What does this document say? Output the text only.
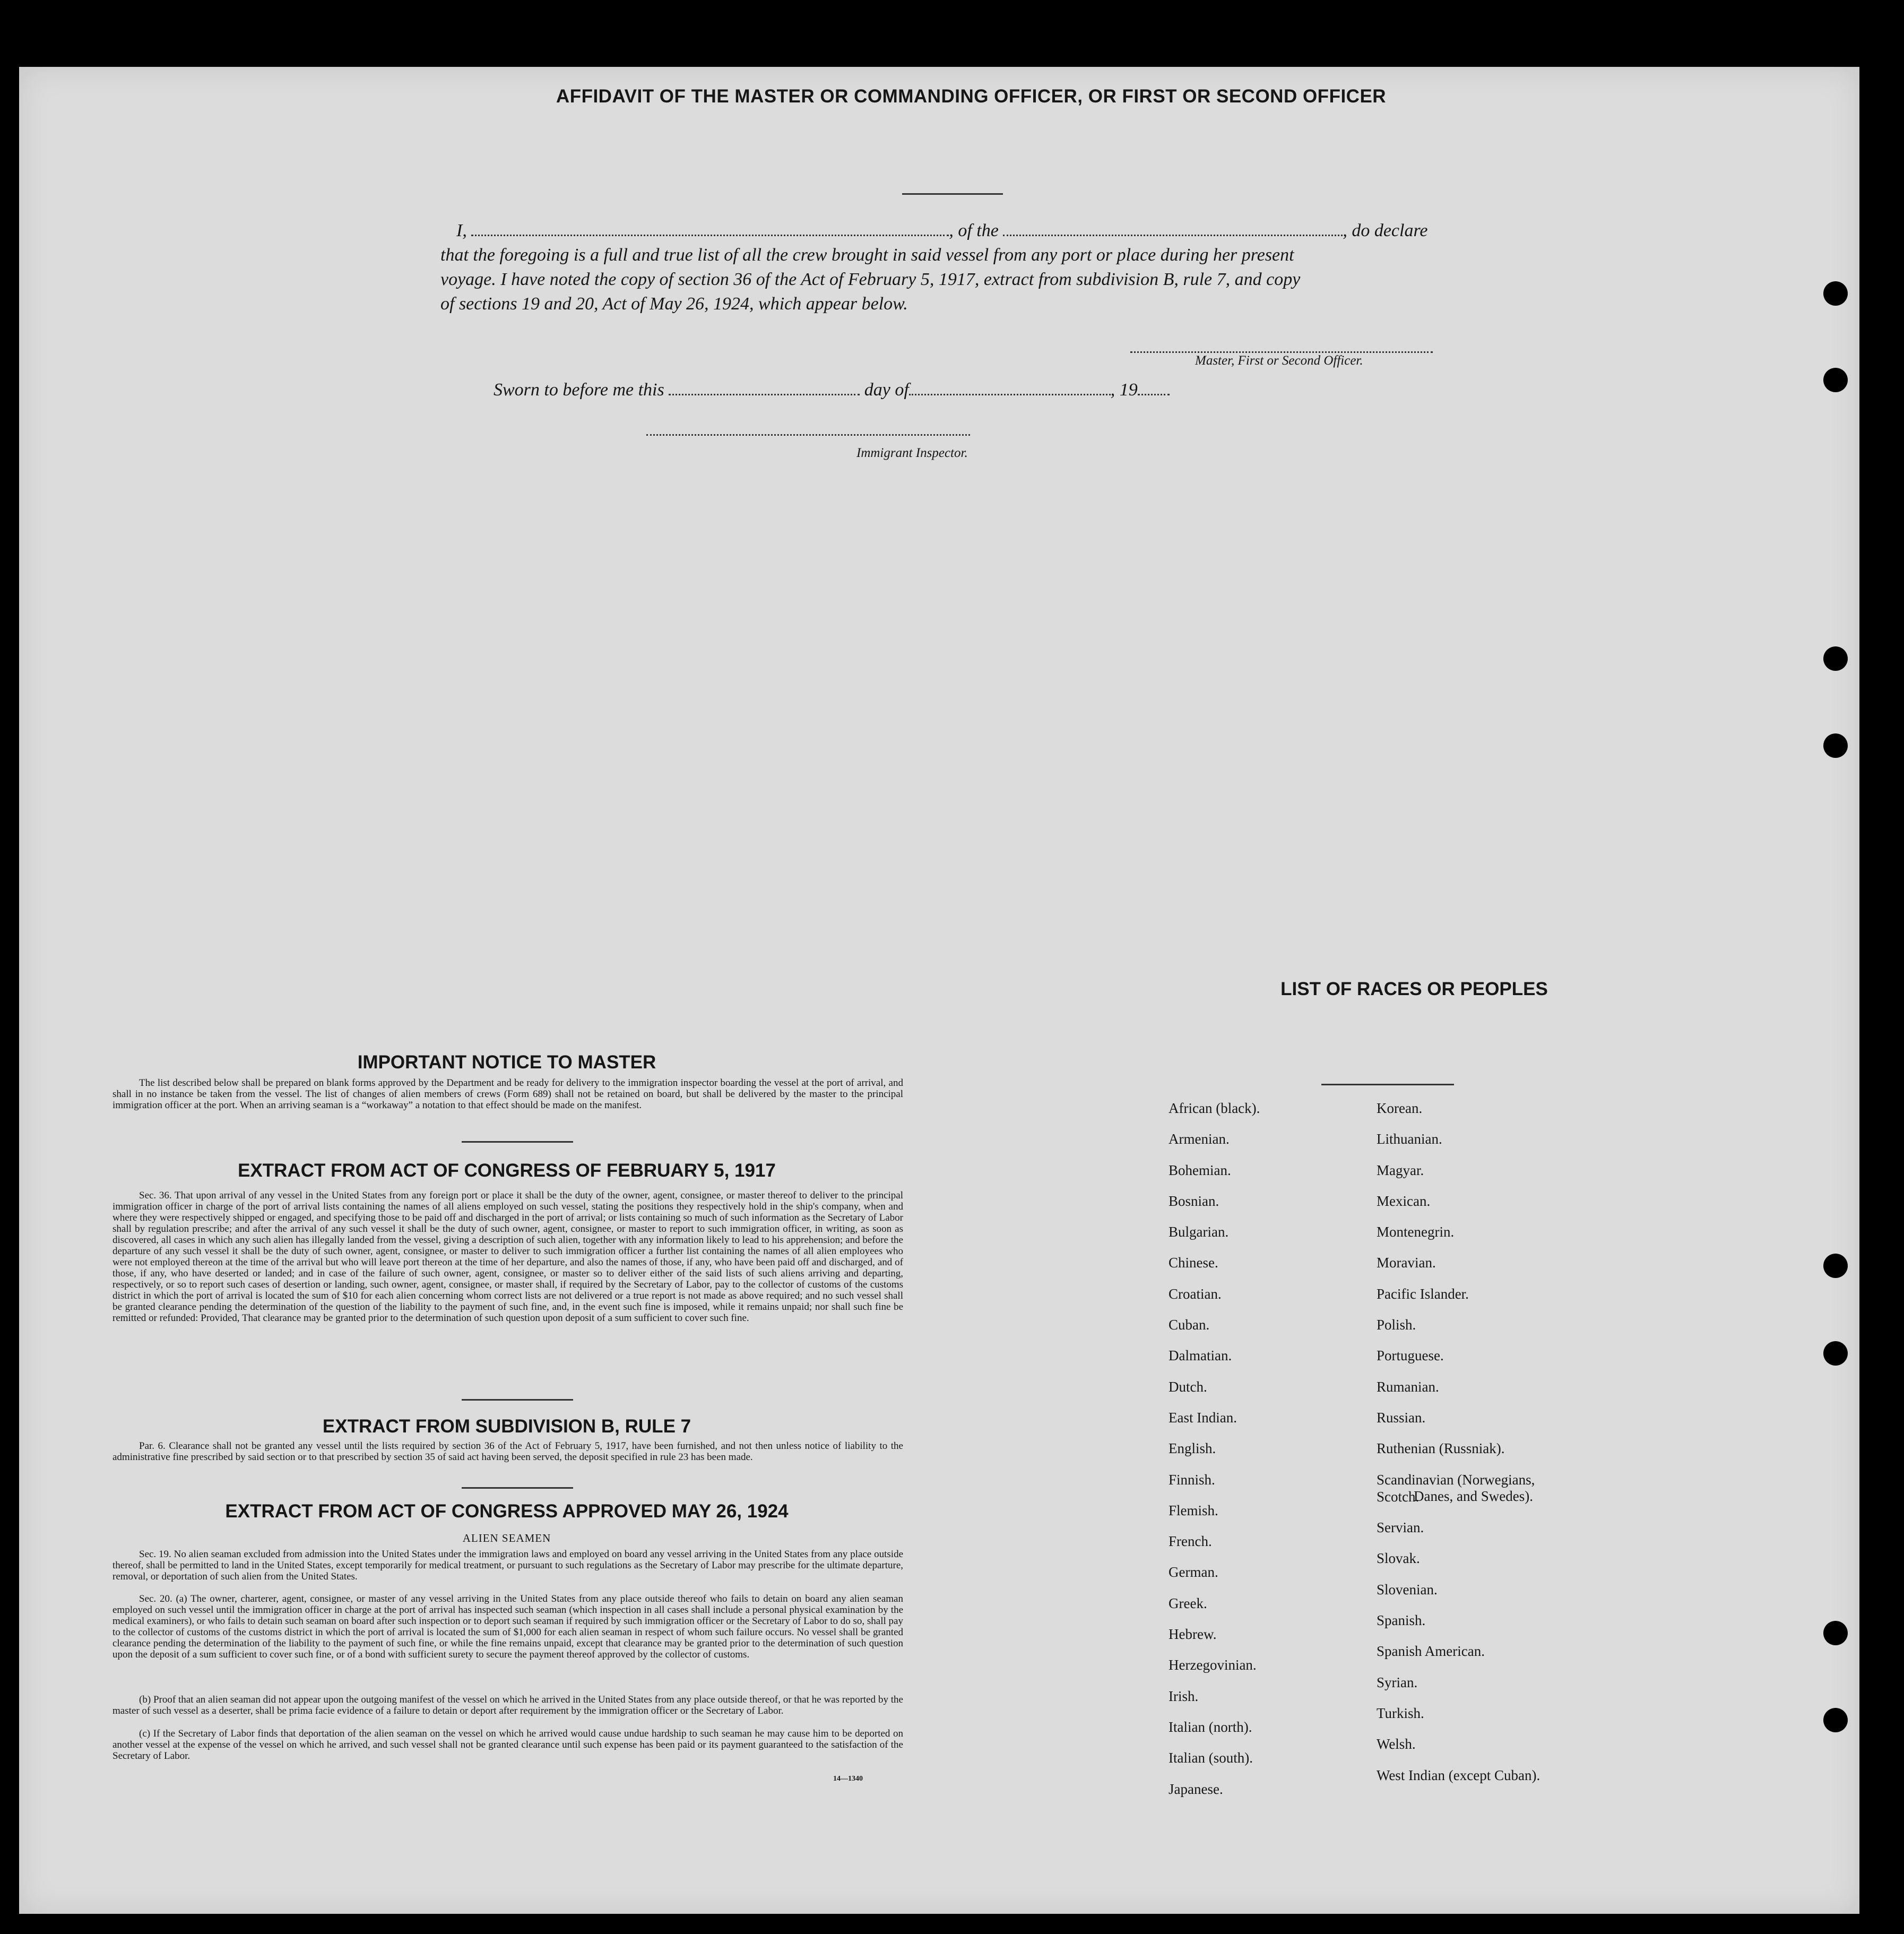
AFFIDAVIT OF THE MASTER OR COMMANDING OFFICER, OR FIRST OR SECOND OFFICER
I,	, of the	, do declare
that the foregoing is a full and true list of all the crew brought in said vessel from any port or place during her present
voyage. I have noted the copy of section 36 of the Act of February 5, 1917, extract from subdivision B, rule 7, and copy
of sections 19 and 20, Act of May 26, 1924, which appear below.
Master, First or Second Officer.
Sworn to before me this	day of	, 19
Immigrant Inspector.
IMPORTANT NOTICE TO MASTER
The list described below shall be prepared on blank forms approved by the Department and be ready for delivery to the immigration inspector boarding the vessel at the port of arrival, and shall in no instance be taken from the vessel. The list of changes of alien members of crews (Form 689) shall not be retained on board, but shall be delivered by the master to the principal immigration officer at the port. When an arriving seaman is a “workaway” a notation to that effect should be made on the manifest.
EXTRACT FROM ACT OF CONGRESS OF FEBRUARY 5, 1917
Sec. 36. That upon arrival of any vessel in the United States from any foreign port or place it shall be the duty of the owner, agent, consignee, or master thereof to deliver to the principal immigration officer in charge of the port of arrival lists containing the names of all aliens employed on such vessel, stating the positions they respectively hold in the ship's company, when and where they were respectively shipped or engaged, and specifying those to be paid off and discharged in the port of arrival; or lists containing so much of such information as the Secretary of Labor shall by regulation prescribe; and after the arrival of any such vessel it shall be the duty of such owner, agent, consignee, or master to report to such immigration officer, in writing, as soon as discovered, all cases in which any such alien has illegally landed from the vessel, giving a description of such alien, together with any information likely to lead to his apprehension; and before the departure of any such vessel it shall be the duty of such owner, agent, consignee, or master to deliver to such immigration officer a further list containing the names of all alien employees who were not employed thereon at the time of the arrival but who will leave port thereon at the time of her departure, and also the names of those, if any, who have been paid off and discharged, and of those, if any, who have deserted or landed; and in case of the failure of such owner, agent, consignee, or master so to deliver either of the said lists of such aliens arriving and departing, respectively, or so to report such cases of desertion or landing, such owner, agent, consignee, or master shall, if required by the Secretary of Labor, pay to the collector of customs of the customs district in which the port of arrival is located the sum of $10 for each alien concerning whom correct lists are not delivered or a true report is not made as above required; and no such vessel shall be granted clearance pending the determination of the question of the liability to the payment of such fine, and, in the event such fine is imposed, while it remains unpaid; nor shall such fine be remitted or refunded: Provided, That clearance may be granted prior to the determination of such question upon deposit of a sum sufficient to cover such fine.
EXTRACT FROM SUBDIVISION B, RULE 7
Par. 6. Clearance shall not be granted any vessel until the lists required by section 36 of the Act of February 5, 1917, have been furnished, and not then unless notice of liability to the administrative fine prescribed by said section or to that prescribed by section 35 of said act having been served, the deposit specified in rule 23 has been made.
EXTRACT FROM ACT OF CONGRESS APPROVED MAY 26, 1924
ALIEN SEAMEN
Sec. 19. No alien seaman excluded from admission into the United States under the immigration laws and employed on board any vessel arriving in the United States from any place outside thereof, shall be permitted to land in the United States, except temporarily for medical treatment, or pursuant to such regulations as the Secretary of Labor may prescribe for the ultimate departure, removal, or deportation of such alien from the United States.
Sec. 20. (a) The owner, charterer, agent, consignee, or master of any vessel arriving in the United States from any place outside thereof who fails to detain on board any alien seaman employed on such vessel until the immigration officer in charge at the port of arrival has inspected such seaman (which inspection in all cases shall include a personal physical examination by the medical examiners), or who fails to detain such seaman on board after such inspection or to deport such seaman if required by such immigration officer or the Secretary of Labor to do so, shall pay to the collector of customs of the customs district in which the port of arrival is located the sum of $1,000 for each alien seaman in respect of whom such failure occurs. No vessel shall be granted clearance pending the determination of the liability to the payment of such fine, or while the fine remains unpaid, except that clearance may be granted prior to the determination of such question upon the deposit of a sum sufficient to cover such fine, or of a bond with sufficient surety to secure the payment thereof approved by the collector of customs.
(b) Proof that an alien seaman did not appear upon the outgoing manifest of the vessel on which he arrived in the United States from any place outside thereof, or that he was reported by the master of such vessel as a deserter, shall be prima facie evidence of a failure to detain or deport after requirement by the immigration officer or the Secretary of Labor.
(c) If the Secretary of Labor finds that deportation of the alien seaman on the vessel on which he arrived would cause undue hardship to such seaman he may cause him to be deported on another vessel at the expense of the vessel on which he arrived, and such vessel shall not be granted clearance until such expense has been paid or its payment guaranteed to the satisfaction of the Secretary of Labor.
14—1340
LIST OF RACES OR PEOPLES
African (black).
Armenian.
Bohemian.
Bosnian.
Bulgarian.
Chinese.
Croatian.
Cuban.
Dalmatian.
Dutch.
East Indian.
English.
Finnish.
Flemish.
French.
German.
Greek.
Hebrew.
Herzegovinian.
Irish.
Italian (north).
Italian (south).
Japanese.
Korean.
Lithuanian.
Magyar.
Mexican.
Montenegrin.
Moravian.
Pacific Islander.
Polish.
Portuguese.
Rumanian.
Russian.
Ruthenian (Russniak).
Scandinavian (Norwegians,
Danes, and Swedes).
Scotch.
Servian.
Slovak.
Slovenian.
Spanish.
Spanish American.
Syrian.
Turkish.
Welsh.
West Indian (except Cuban).
